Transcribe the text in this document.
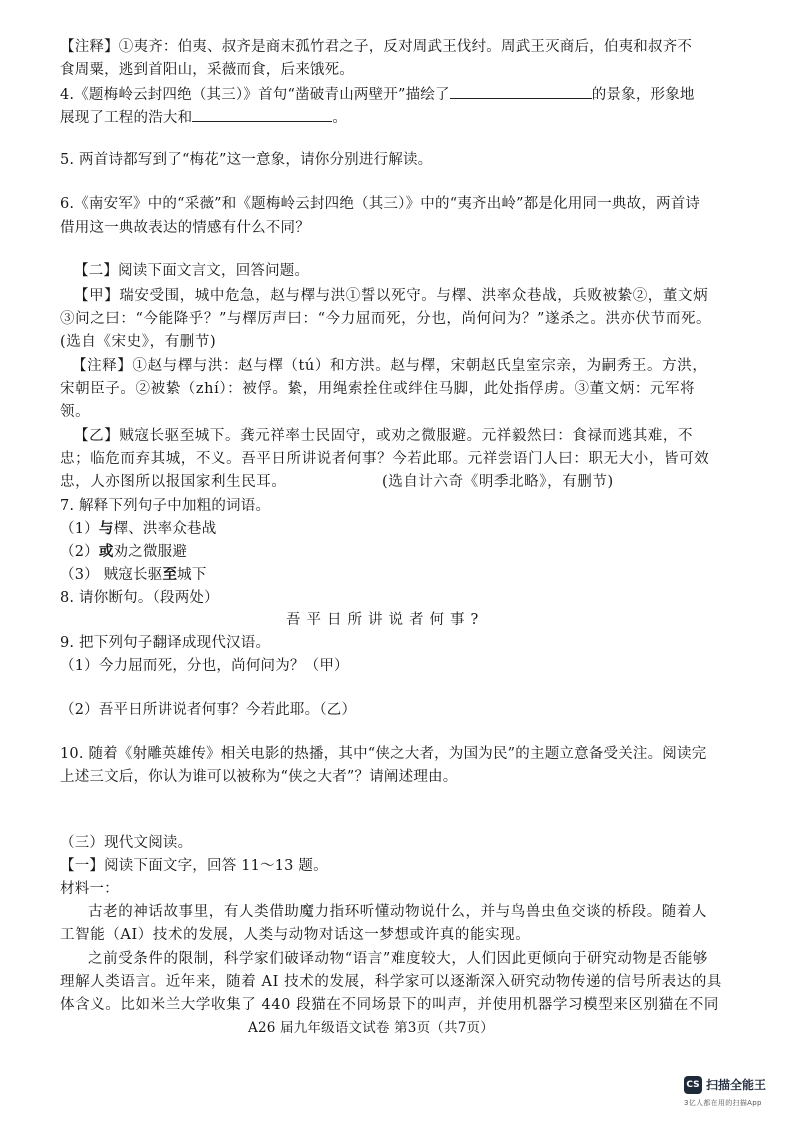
【注释】①夷齐：伯夷、叔齐是商末孤竹君之子，反对周武王伐纣。周武王灭商后，伯夷和叔齐不
食周粟，逃到首阳山，采薇而食，后来饿死。
4.《题梅岭云封四绝（其三）》首句“凿破青山两壁开”描绘了	的景象，形象地
展现了工程的浩大和	。
5. 两首诗都写到了“梅花”这一意象，请你分别进行解读。
6.《南安军》中的“采薇”和《题梅岭云封四绝（其三）》中的“夷齐出岭”都是化用同一典故，两首诗
借用这一典故表达的情感有什么不同？
【二】阅读下面文言文，回答问题。
【甲】瑞安受围，城中危急，赵与檡与洪①誓以死守。与檡、洪率众巷战，兵败被絷②，董文炳
③问之曰：“今能降乎？”与檡厉声曰：“今力屈而死，分也，尚何问为？”遂杀之。洪亦伏节而死。
(选自《宋史》，有删节)
【注释】①赵与檡与洪：赵与檡（tú）和方洪。赵与檡，宋朝赵氏皇室宗亲，为嗣秀王。方洪，
宋朝臣子。②被絷（zhí）：被俘。絷，用绳索拴住或绊住马脚，此处指俘虏。③董文炳：元军将
领。
【乙】贼寇长驱至城下。龚元祥率士民固守，或劝之微服避。元祥毅然曰：食禄而逃其难，不
忠；临危而弃其城，不义。吾平日所讲说者何事？今若此耶。元祥尝语门人曰：职无大小，皆可效
忠，人亦图所以报国家利生民耳。	(选自计六奇《明季北略》，有删节)
7. 解释下列句子中加粗的词语。
（1）与檡、洪率众巷战
（2）或劝之微服避
（3） 贼寇长驱至城下
8. 请你断句。（段两处）
吾平日所讲说者何事?
9. 把下列句子翻译成现代汉语。
（1）今力屈而死，分也，尚何问为？（甲）
（2）吾平日所讲说者何事？今若此耶。（乙）
10. 随着《射雕英雄传》相关电影的热播，其中“侠之大者，为国为民”的主题立意备受关注。阅读完
上述三文后，你认为谁可以被称为“侠之大者”？请阐述理由。
（三）现代文阅读。
【一】阅读下面文字，回答 11～13 题。
材料一：
古老的神话故事里，有人类借助魔力指环听懂动物说什么，并与鸟兽虫鱼交谈的桥段。随着人
工智能（AI）技术的发展，人类与动物对话这一梦想或许真的能实现。
之前受条件的限制，科学家们破译动物“语言”难度较大，人们因此更倾向于研究动物是否能够
理解人类语言。近年来，随着 AI 技术的发展，科学家可以逐渐深入研究动物传递的信号所表达的具
体含义。比如米兰大学收集了 440 段猫在不同场景下的叫声，并使用机器学习模型来区别猫在不同
A26 届九年级语文试卷 第3页（共7页）
CS 扫描全能王
3亿人都在用的扫描App
